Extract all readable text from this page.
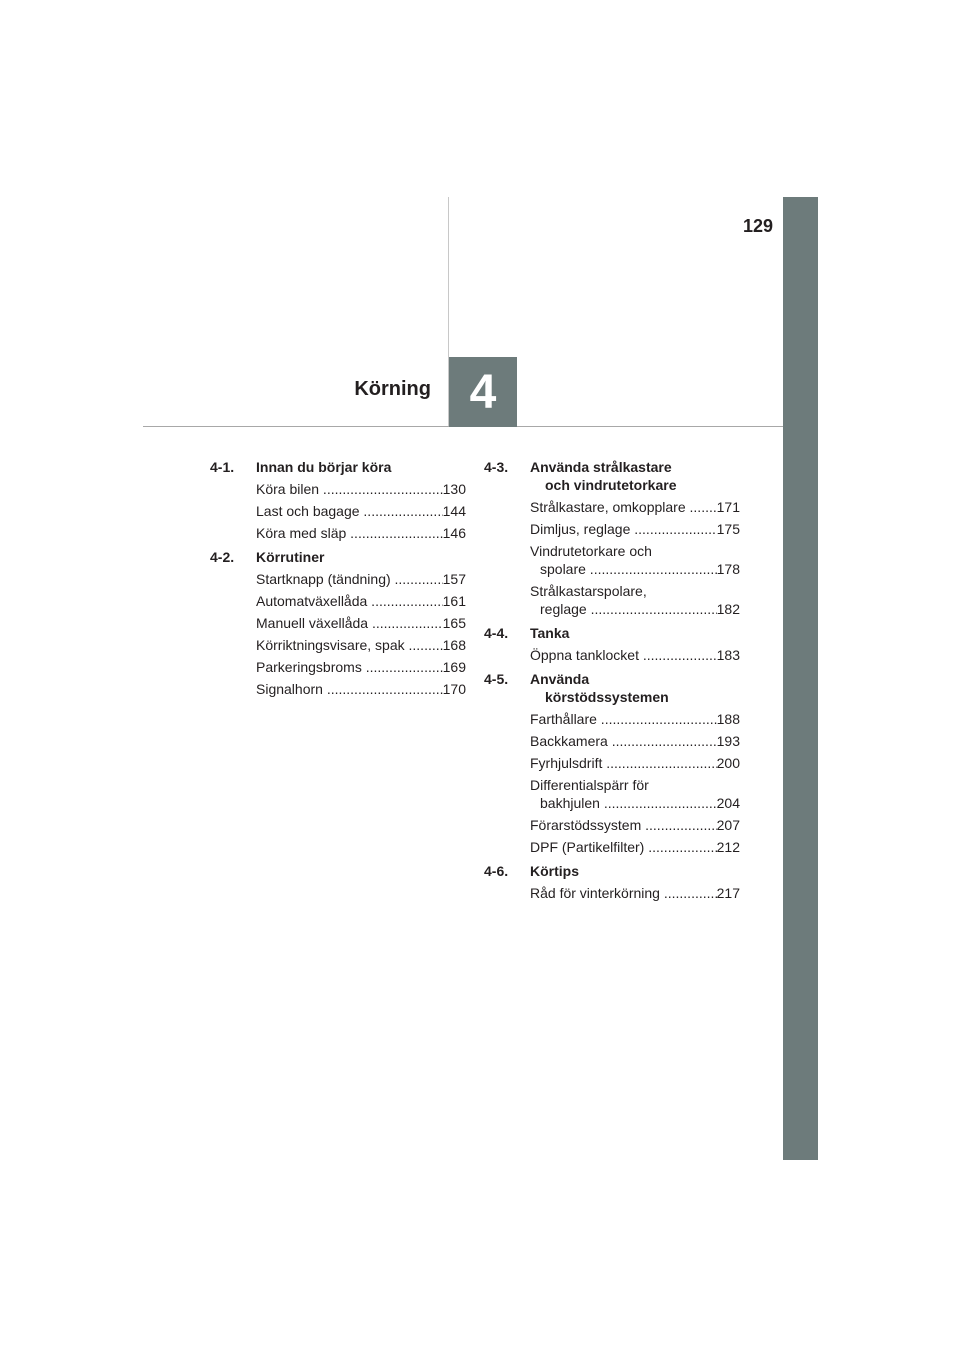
129
Körning 4
4-1.	Innan du börjar köra
Köra bilen .....	130
Last och bagage .....	144
Köra med släp .....	146
4-2.	Körrutiner
Startknapp (tändning) .....	157
Automatväxellåda .....	161
Manuell växellåda .....	165
Körriktningsvisare, spak .....	168
Parkeringsbroms .....	169
Signalhorn .....	170
4-3.	Använda strålkastare
och vindrutetorkare
Strålkastare, omkopplare .....	171
Dimljus, reglage .....	175
Vindrutetorkare och
spolare .....	178
Strålkastarspolare,
reglage .....	182
4-4.	Tanka
Öppna tanklocket .....	183
4-5.	Använda
körstödssystemen
Farthållare .....	188
Backkamera .....	193
Fyrhjulsdrift .....	200
Differentialspärr för
bakhjulen .....	204
Förarstödssystem .....	207
DPF (Partikelfilter) .....	212
4-6.	Körtips
Råd för vinterkörning .....	217
